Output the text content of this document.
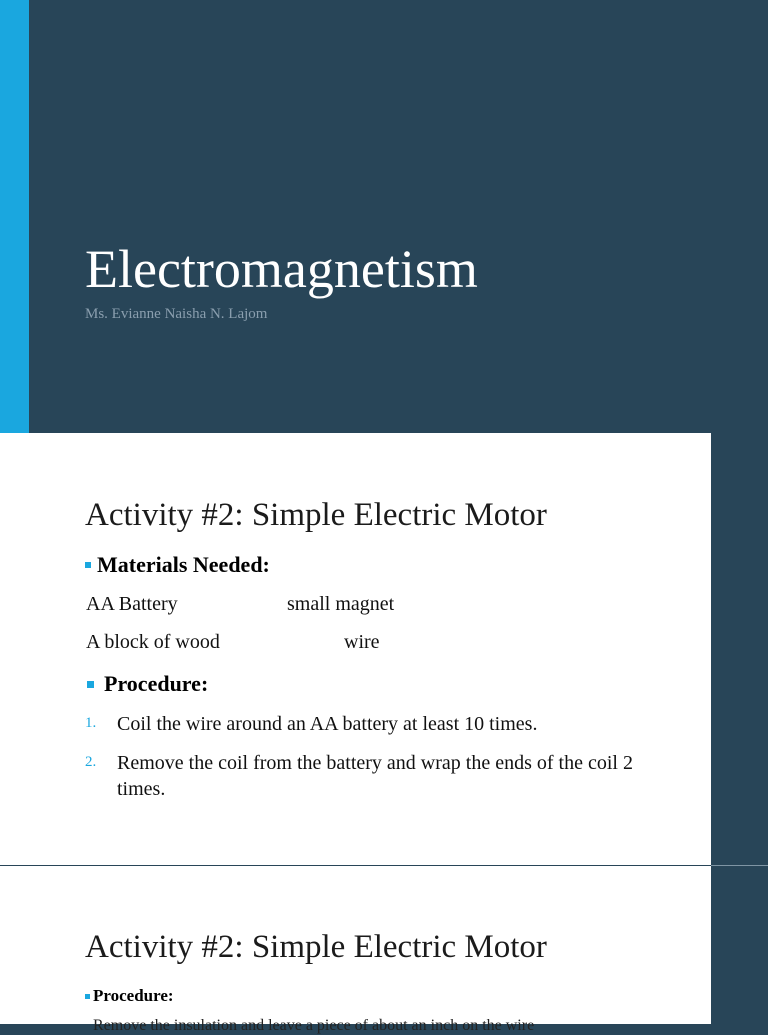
Electromagnetism
Ms. Evianne Naisha N. Lajom
Activity #2: Simple Electric Motor
Materials Needed:
AA Battery	small magnet
A block of wood	wire
Procedure:
1. Coil the wire around an AA battery at least 10 times.
2. Remove the coil from the battery and wrap the ends of the coil 2 times.
Activity #2: Simple Electric Motor
Procedure:
Remove the insulation and leave a piece of about an inch on the wire
